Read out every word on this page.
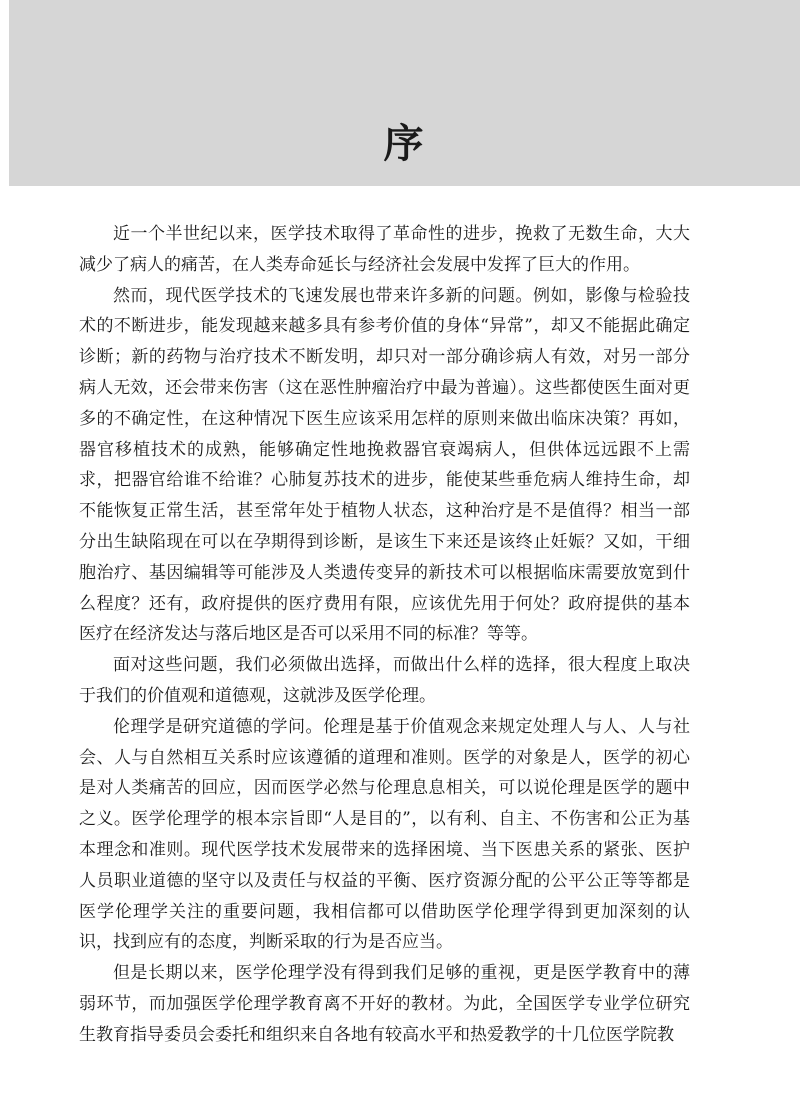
序

近一个半世纪以来，医学技术取得了革命性的进步，挽救了无数生命，大大减少了病人的痛苦，在人类寿命延长与经济社会发展中发挥了巨大的作用。

然而，现代医学技术的飞速发展也带来许多新的问题。例如，影像与检验技术的不断进步，能发现越来越多具有参考价值的身体“异常”，却又不能据此确定诊断；新的药物与治疗技术不断发明，却只对一部分确诊病人有效，对另一部分病人无效，还会带来伤害（这在恶性肿瘤治疗中最为普遍）。这些都使医生面对更多的不确定性，在这种情况下医生应该采用怎样的原则来做出临床决策？再如，器官移植技术的成熟，能够确定性地挽救器官衰竭病人，但供体远远跟不上需求，把器官给谁不给谁？心肺复苏技术的进步，能使某些垂危病人维持生命，却不能恢复正常生活，甚至常年处于植物人状态，这种治疗是不是值得？相当一部分出生缺陷现在可以在孕期得到诊断，是该生下来还是该终止妊娠？又如，干细胞治疗、基因编辑等可能涉及人类遗传变异的新技术可以根据临床需要放宽到什么程度？还有，政府提供的医疗费用有限，应该优先用于何处？政府提供的基本医疗在经济发达与落后地区是否可以采用不同的标准？等等。

面对这些问题，我们必须做出选择，而做出什么样的选择，很大程度上取决于我们的价值观和道德观，这就涉及医学伦理。

伦理学是研究道德的学问。伦理是基于价值观念来规定处理人与人、人与社会、人与自然相互关系时应该遵循的道理和准则。医学的对象是人，医学的初心是对人类痛苦的回应，因而医学必然与伦理息息相关，可以说伦理是医学的题中之义。医学伦理学的根本宗旨即“人是目的”，以有利、自主、不伤害和公正为基本理念和准则。现代医学技术发展带来的选择困境、当下医患关系的紧张、医护人员职业道德的坚守以及责任与权益的平衡、医疗资源分配的公平公正等等都是医学伦理学关注的重要问题，我相信都可以借助医学伦理学得到更加深刻的认识，找到应有的态度，判断采取的行为是否应当。

但是长期以来，医学伦理学没有得到我们足够的重视，更是医学教育中的薄弱环节，而加强医学伦理学教育离不开好的教材。为此，全国医学专业学位研究生教育指导委员会委托和组织来自各地有较高水平和热爱教学的十几位医学院教
